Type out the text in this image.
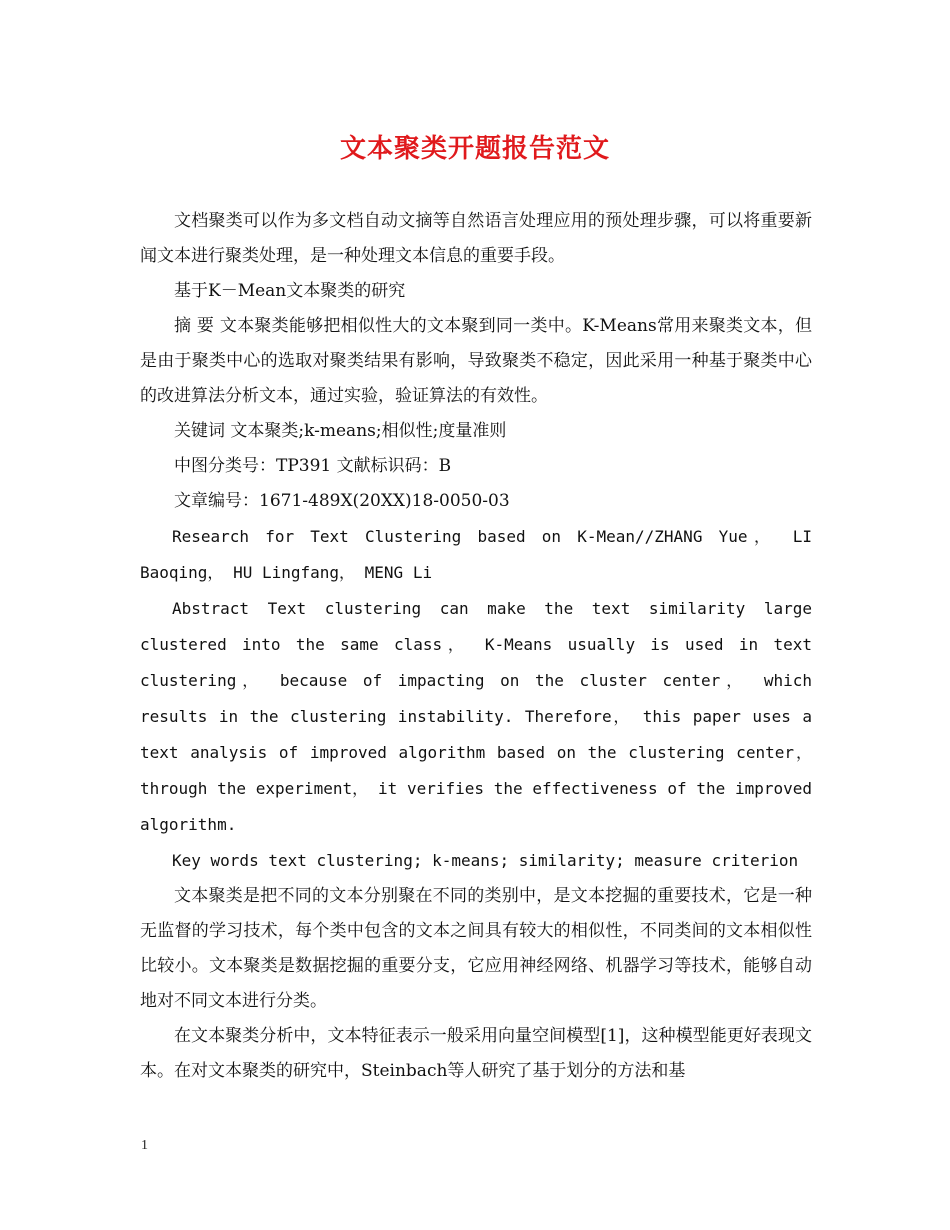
文本聚类开题报告范文

文档聚类可以作为多文档自动文摘等自然语言处理应用的预处理步骤，可以将重要新闻文本进行聚类处理，是一种处理文本信息的重要手段。

基于K－Mean文本聚类的研究

摘 要 文本聚类能够把相似性大的文本聚到同一类中。K-Means常用来聚类文本，但是由于聚类中心的选取对聚类结果有影响，导致聚类不稳定，因此采用一种基于聚类中心的改进算法分析文本，通过实验，验证算法的有效性。

关键词 文本聚类;k-means;相似性;度量准则

中图分类号：TP391 文献标识码：B

文章编号：1671-489X(20XX)18-0050-03

Research for Text Clustering based on K-Mean//ZHANG Yue， LI Baoqing， HU Lingfang， MENG Li

Abstract Text clustering can make the text similarity large clustered into the same class， K-Means usually is used in text clustering， because of impacting on the cluster center， which results in the clustering instability. Therefore， this paper uses a text analysis of improved algorithm based on the clustering center， through the experiment， it verifies the effectiveness of the improved algorithm.

Key words text clustering; k-means; similarity; measure criterion

文本聚类是把不同的文本分别聚在不同的类别中，是文本挖掘的重要技术，它是一种无监督的学习技术，每个类中包含的文本之间具有较大的相似性，不同类间的文本相似性比较小。文本聚类是数据挖掘的重要分支，它应用神经网络、机器学习等技术，能够自动地对不同文本进行分类。

在文本聚类分析中，文本特征表示一般采用向量空间模型[1]，这种模型能更好表现文本。在对文本聚类的研究中，Steinbach等人研究了基于划分的方法和基

1
